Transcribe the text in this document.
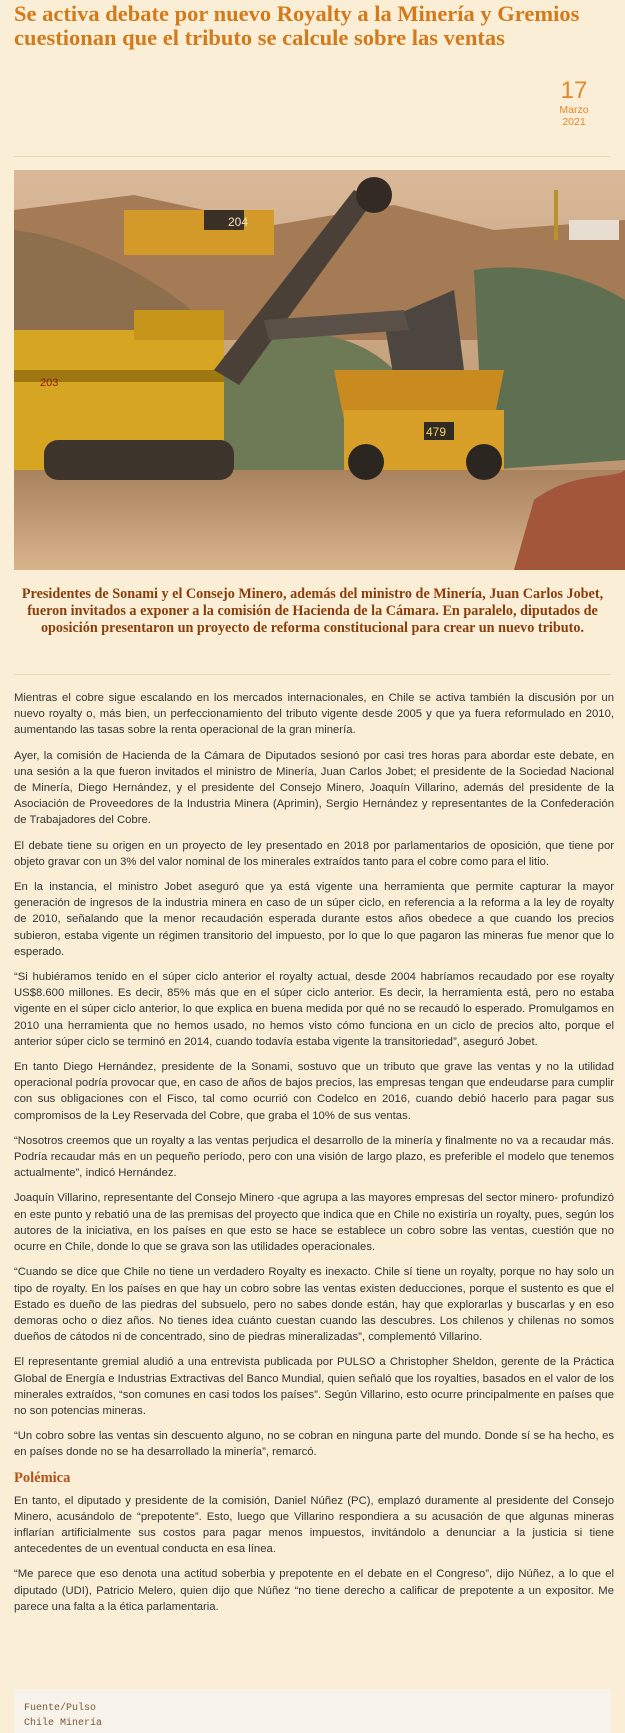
Se activa debate por nuevo Royalty a la Minería y Gremios cuestionan que el tributo se calcule sobre las ventas
17
Marzo
2021
204
203
479

Presidentes de Sonami y el Consejo Minero, además del ministro de Minería, Juan Carlos Jobet, fueron invitados a exponer a la comisión de Hacienda de la Cámara. En paralelo, diputados de oposición presentaron un proyecto de reforma constitucional para crear un nuevo tributo.

Mientras el cobre sigue escalando en los mercados internacionales, en Chile se activa también la discusión por un nuevo royalty o, más bien, un perfeccionamiento del tributo vigente desde 2005 y que ya fuera reformulado en 2010, aumentando las tasas sobre la renta operacional de la gran minería.

Ayer, la comisión de Hacienda de la Cámara de Diputados sesionó por casi tres horas para abordar este debate, en una sesión a la que fueron invitados el ministro de Minería, Juan Carlos Jobet; el presidente de la Sociedad Nacional de Minería, Diego Hernández, y el presidente del Consejo Minero, Joaquín Villarino, además del presidente de la Asociación de Proveedores de la Industria Minera (Aprimin), Sergio Hernández y representantes de la Confederación de Trabajadores del Cobre.

El debate tiene su origen en un proyecto de ley presentado en 2018 por parlamentarios de oposición, que tiene por objeto gravar con un 3% del valor nominal de los minerales extraídos tanto para el cobre como para el litio.

En la instancia, el ministro Jobet aseguró que ya está vigente una herramienta que permite capturar la mayor generación de ingresos de la industria minera en caso de un súper ciclo, en referencia a la reforma a la ley de royalty de 2010, señalando que la menor recaudación esperada durante estos años obedece a que cuando los precios subieron, estaba vigente un régimen transitorio del impuesto, por lo que lo que pagaron las mineras fue menor que lo esperado.

“Si hubiéramos tenido en el súper ciclo anterior el royalty actual, desde 2004 habríamos recaudado por ese royalty US$8.600 millones. Es decir, 85% más que en el súper ciclo anterior. Es decir, la herramienta está, pero no estaba vigente en el súper ciclo anterior, lo que explica en buena medida por qué no se recaudó lo esperado. Promulgamos en 2010 una herramienta que no hemos usado, no hemos visto cómo funciona en un ciclo de precios alto, porque el anterior súper ciclo se terminó en 2014, cuando todavía estaba vigente la transitoriedad”, aseguró Jobet.

En tanto Diego Hernández, presidente de la Sonami, sostuvo que un tributo que grave las ventas y no la utilidad operacional podría provocar que, en caso de años de bajos precios, las empresas tengan que endeudarse para cumplir con sus obligaciones con el Fisco, tal como ocurrió con Codelco en 2016, cuando debió hacerlo para pagar sus compromisos de la Ley Reservada del Cobre, que graba el 10% de sus ventas.

“Nosotros creemos que un royalty a las ventas perjudica el desarrollo de la minería y finalmente no va a recaudar más. Podría recaudar más en un pequeño período, pero con una visión de largo plazo, es preferible el modelo que tenemos actualmente”, indicó Hernández.

Joaquín Villarino, representante del Consejo Minero -que agrupa a las mayores empresas del sector minero- profundizó en este punto y rebatió una de las premisas del proyecto que indica que en Chile no existiría un royalty, pues, según los autores de la iniciativa, en los países en que esto se hace se establece un cobro sobre las ventas, cuestión que no ocurre en Chile, donde lo que se grava son las utilidades operacionales.

“Cuando se dice que Chile no tiene un verdadero Royalty es inexacto. Chile sí tiene un royalty, porque no hay solo un tipo de royalty. En los países en que hay un cobro sobre las ventas existen deducciones, porque el sustento es que el Estado es dueño de las piedras del subsuelo, pero no sabes donde están, hay que explorarlas y buscarlas y en eso demoras ocho o diez años. No tienes idea cuánto cuestan cuando las descubres. Los chilenos y chilenas no somos dueños de cátodos ni de concentrado, sino de piedras mineralizadas”, complementó Villarino.

El representante gremial aludió a una entrevista publicada por PULSO a Christopher Sheldon, gerente de la Práctica Global de Energía e Industrias Extractivas del Banco Mundial, quien señaló que los royalties, basados en el valor de los minerales extraídos, “son comunes en casi todos los países”. Según Villarino, esto ocurre principalmente en países que no son potencias mineras.

“Un cobro sobre las ventas sin descuento alguno, no se cobran en ninguna parte del mundo. Donde sí se ha hecho, es en países donde no se ha desarrollado la minería”, remarcó.

Polémica

En tanto, el diputado y presidente de la comisión, Daniel Núñez (PC), emplazó duramente al presidente del Consejo Minero, acusándolo de “prepotente”. Esto, luego que Villarino respondiera a su acusación de que algunas mineras inflarían artificialmente sus costos para pagar menos impuestos, invitándolo a denunciar a la justicia si tiene antecedentes de un eventual conducta en esa línea.

“Me parece que eso denota una actitud soberbia y prepotente en el debate en el Congreso”, dijo Núñez, a lo que el diputado (UDI), Patricio Melero, quien dijo que Núñez “no tiene derecho a calificar de prepotente a un expositor. Me parece una falta a la ética parlamentaria.

Fuente/Pulso
Chile Minería
